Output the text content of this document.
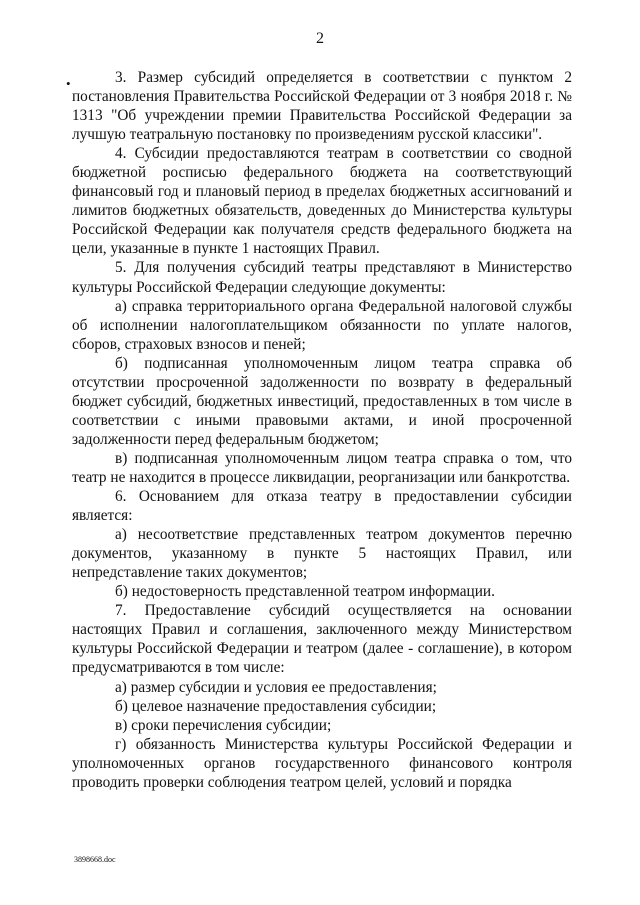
2
•	3. Размер субсидий определяется в соответствии с пунктом 2 постановления Правительства Российской Федерации от 3 ноября 2018 г. № 1313 "Об учреждении премии Правительства Российской Федерации за лучшую театральную постановку по произведениям русской классики".

4. Субсидии предоставляются театрам в соответствии со сводной бюджетной росписью федерального бюджета на соответствующий финансовый год и плановый период в пределах бюджетных ассигнований и лимитов бюджетных обязательств, доведенных до Министерства культуры Российской Федерации как получателя средств федерального бюджета на цели, указанные в пункте 1 настоящих Правил.

5. Для получения субсидий театры представляют в Министерство культуры Российской Федерации следующие документы:

а) справка территориального органа Федеральной налоговой службы об исполнении налогоплательщиком обязанности по уплате налогов, сборов, страховых взносов и пеней;

б) подписанная уполномоченным лицом театра справка об отсутствии просроченной задолженности по возврату в федеральный бюджет субсидий, бюджетных инвестиций, предоставленных в том числе в соответствии с иными правовыми актами, и иной просроченной задолженности перед федеральным бюджетом;

в) подписанная уполномоченным лицом театра справка о том, что театр не находится в процессе ликвидации, реорганизации или банкротства.

6. Основанием для отказа театру в предоставлении субсидии является:

а) несоответствие представленных театром документов перечню документов, указанному в пункте 5 настоящих Правил, или непредставление таких документов;

б) недостоверность представленной театром информации.

7. Предоставление субсидий осуществляется на основании настоящих Правил и соглашения, заключенного между Министерством культуры Российской Федерации и театром (далее - соглашение), в котором предусматриваются в том числе:

а) размер субсидии и условия ее предоставления;

б) целевое назначение предоставления субсидии;

в) сроки перечисления субсидии;

г) обязанность Министерства культуры Российской Федерации и уполномоченных органов государственного финансового контроля проводить проверки соблюдения театром целей, условий и порядка

3898668.doc
